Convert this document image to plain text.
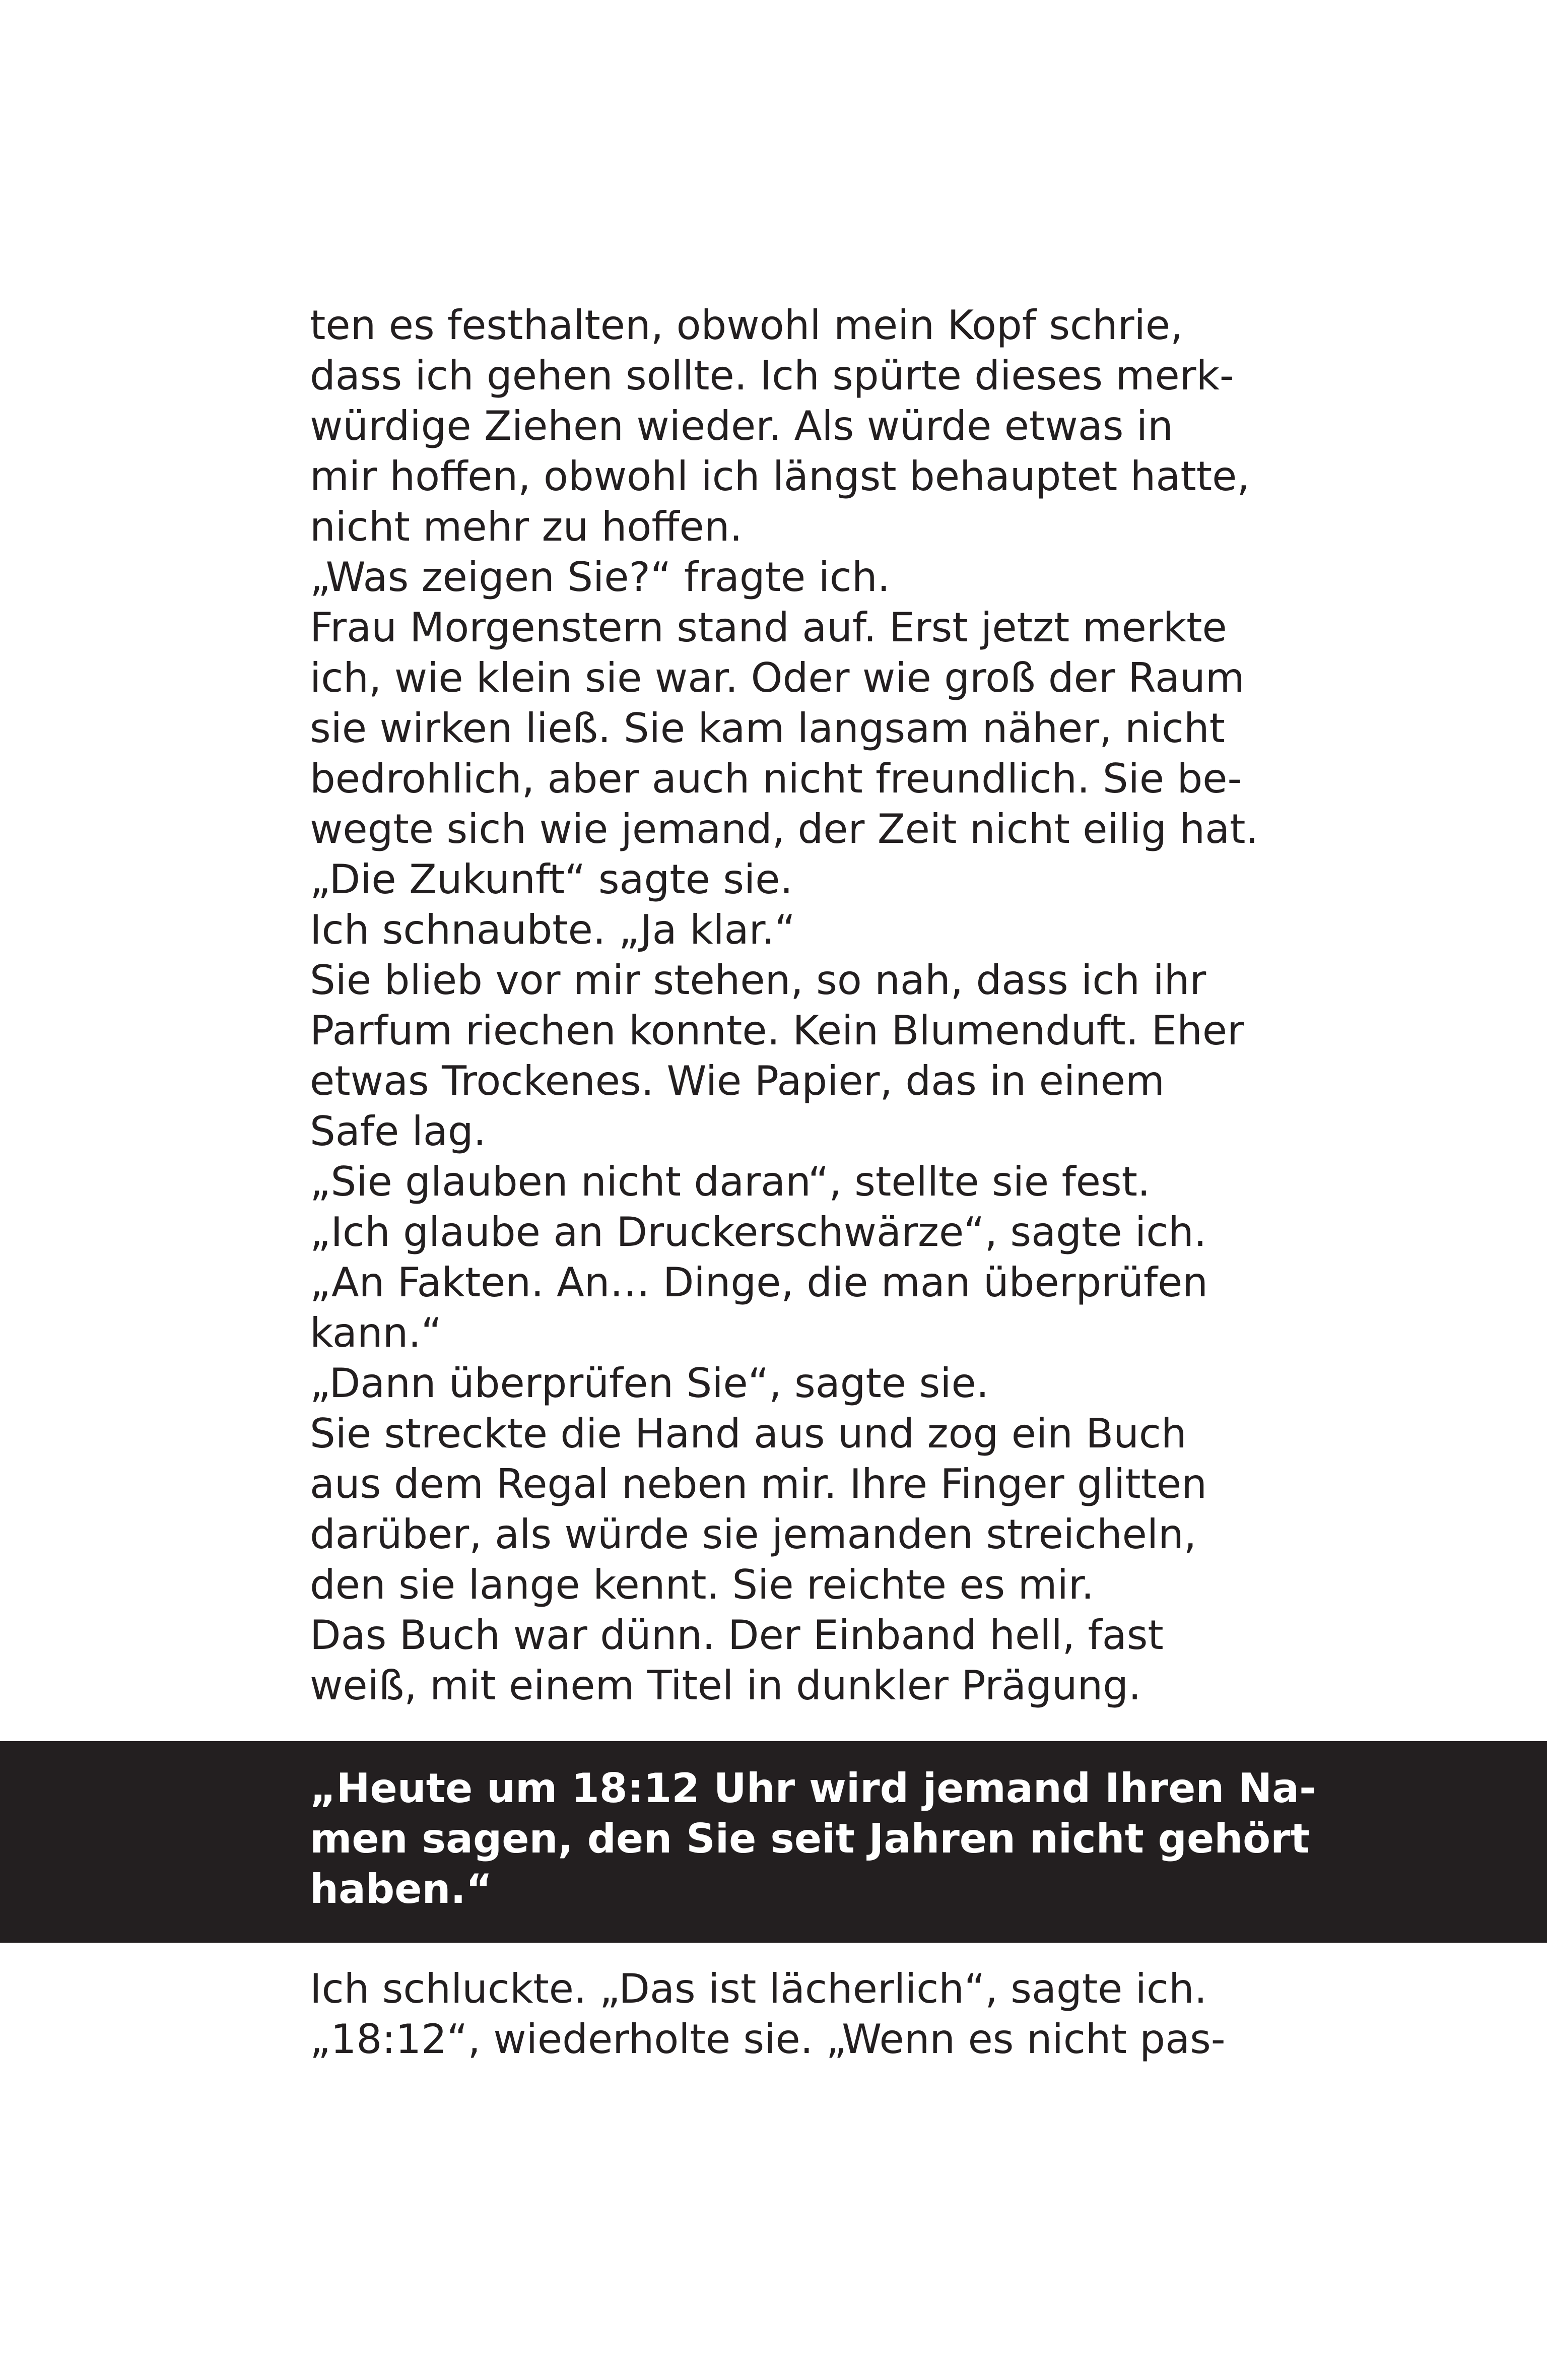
ten es festhalten, obwohl mein Kopf schrie,
dass ich gehen sollte. Ich spürte dieses merk-
würdige Ziehen wieder. Als würde etwas in
mir hoffen, obwohl ich längst behauptet hatte,
nicht mehr zu hoffen.
„Was zeigen Sie?“ fragte ich.
Frau Morgenstern stand auf. Erst jetzt merkte
ich, wie klein sie war. Oder wie groß der Raum
sie wirken ließ. Sie kam langsam näher, nicht
bedrohlich, aber auch nicht freundlich. Sie be-
wegte sich wie jemand, der Zeit nicht eilig hat.
„Die Zukunft“ sagte sie.
Ich schnaubte. „Ja klar.“
Sie blieb vor mir stehen, so nah, dass ich ihr
Parfum riechen konnte. Kein Blumenduft. Eher
etwas Trockenes. Wie Papier, das in einem
Safe lag.
„Sie glauben nicht daran“, stellte sie fest.
„Ich glaube an Druckerschwärze“, sagte ich.
„An Fakten. An… Dinge, die man überprüfen
kann.“
„Dann überprüfen Sie“, sagte sie.
Sie streckte die Hand aus und zog ein Buch
aus dem Regal neben mir. Ihre Finger glitten
darüber, als würde sie jemanden streicheln,
den sie lange kennt. Sie reichte es mir.
Das Buch war dünn. Der Einband hell, fast
weiß, mit einem Titel in dunkler Prägung.
„Heute um 18:12 Uhr wird jemand Ihren Na-
men sagen, den Sie seit Jahren nicht gehört
haben.“
Ich schluckte. „Das ist lächerlich“, sagte ich.
„18:12“, wiederholte sie. „Wenn es nicht pas-
